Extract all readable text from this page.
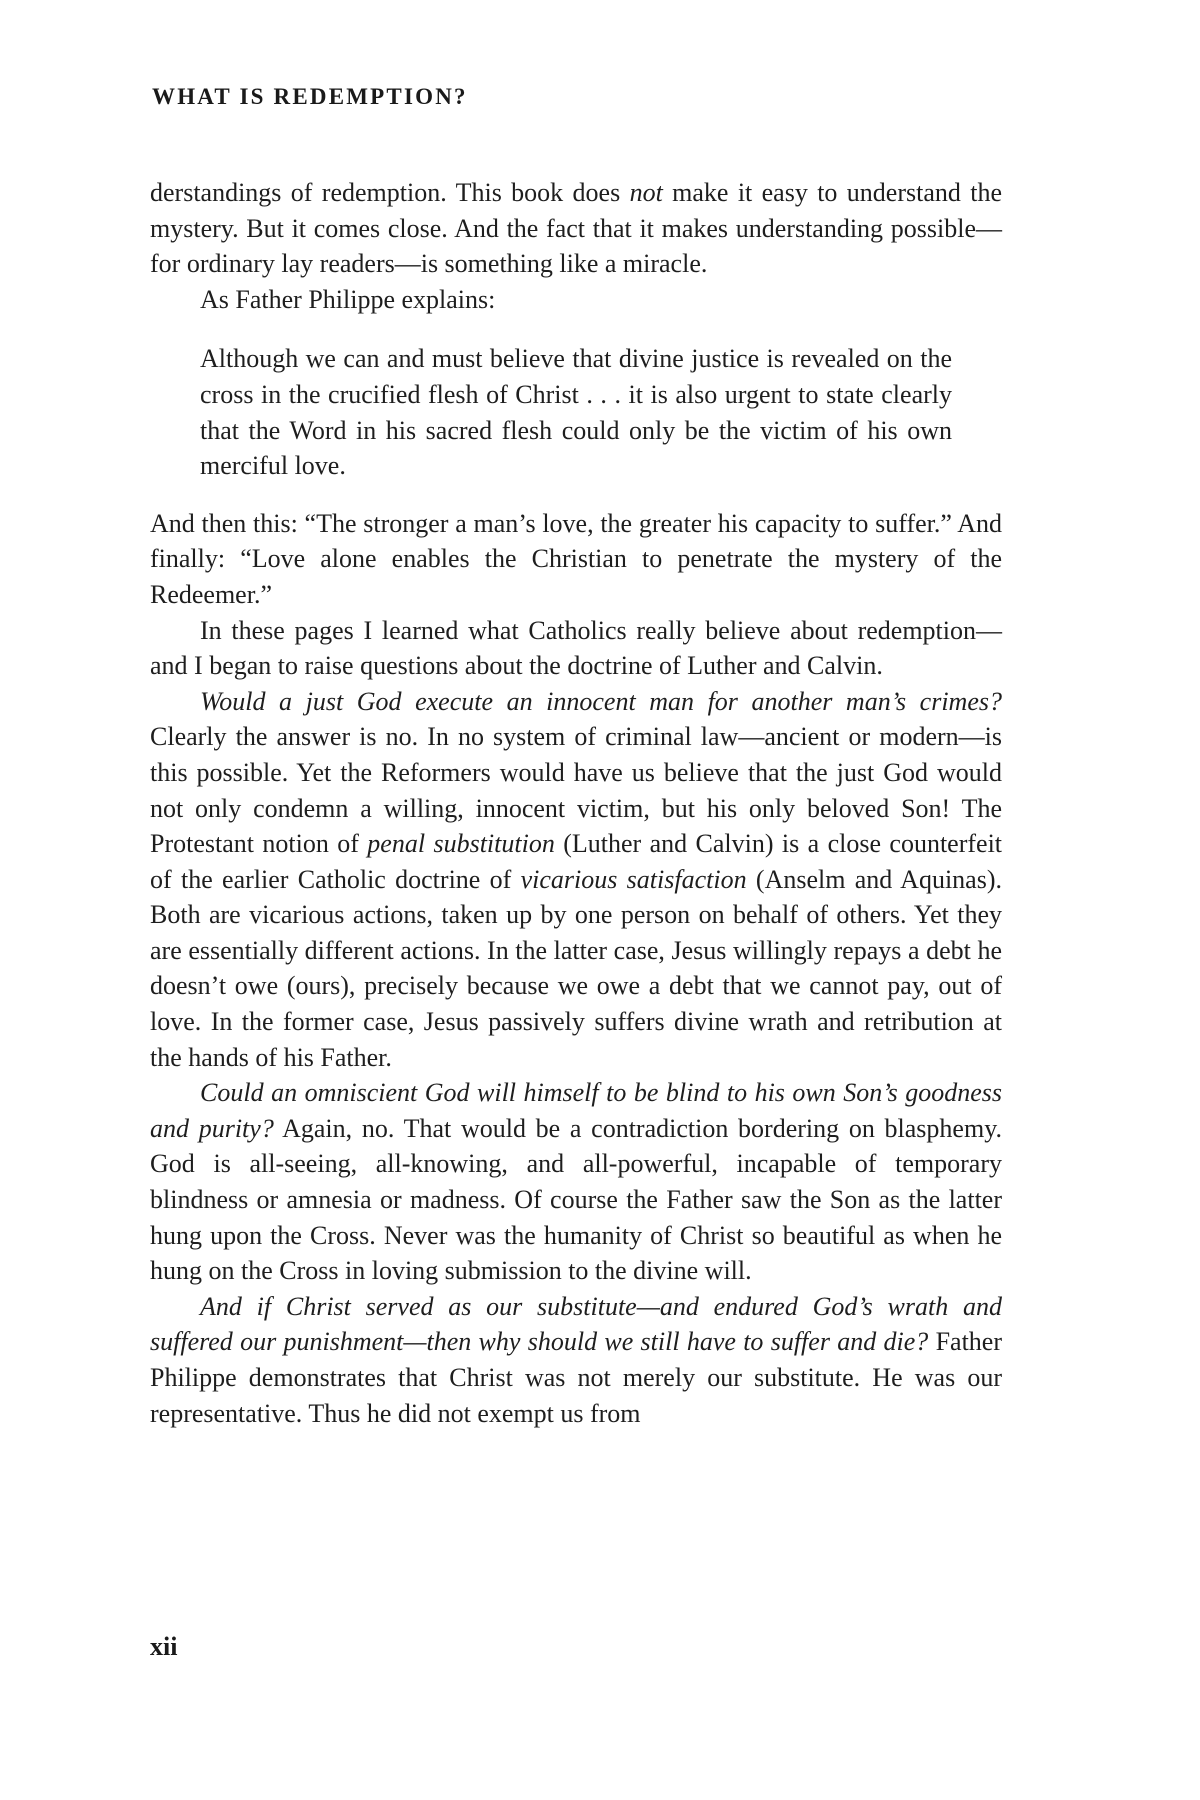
WHAT IS REDEMPTION?

derstandings of redemption. This book does not make it easy to understand the mystery. But it comes close. And the fact that it makes understanding possible—for ordinary lay readers—is something like a miracle.

As Father Philippe explains:

Although we can and must believe that divine justice is revealed on the cross in the crucified flesh of Christ . . . it is also urgent to state clearly that the Word in his sacred flesh could only be the victim of his own merciful love.

And then this: “The stronger a man’s love, the greater his capacity to suffer.” And finally: “Love alone enables the Christian to penetrate the mystery of the Redeemer.”

In these pages I learned what Catholics really believe about redemption—and I began to raise questions about the doctrine of Luther and Calvin.

Would a just God execute an innocent man for another man’s crimes? Clearly the answer is no. In no system of criminal law—ancient or modern—is this possible. Yet the Reformers would have us believe that the just God would not only condemn a willing, innocent victim, but his only beloved Son! The Protestant notion of penal substitution (Luther and Calvin) is a close counterfeit of the earlier Catholic doctrine of vicarious satisfaction (Anselm and Aquinas). Both are vicarious actions, taken up by one person on behalf of others. Yet they are essentially different actions. In the latter case, Jesus willingly repays a debt he doesn’t owe (ours), precisely because we owe a debt that we cannot pay, out of love. In the former case, Jesus passively suffers divine wrath and retribution at the hands of his Father.

Could an omniscient God will himself to be blind to his own Son’s goodness and purity? Again, no. That would be a contradiction bordering on blasphemy. God is all-seeing, all-knowing, and all-powerful, incapable of temporary blindness or amnesia or madness. Of course the Father saw the Son as the latter hung upon the Cross. Never was the humanity of Christ so beautiful as when he hung on the Cross in loving submission to the divine will.

And if Christ served as our substitute—and endured God’s wrath and suffered our punishment—then why should we still have to suffer and die? Father Philippe demonstrates that Christ was not merely our substitute. He was our representative. Thus he did not exempt us from

xii
